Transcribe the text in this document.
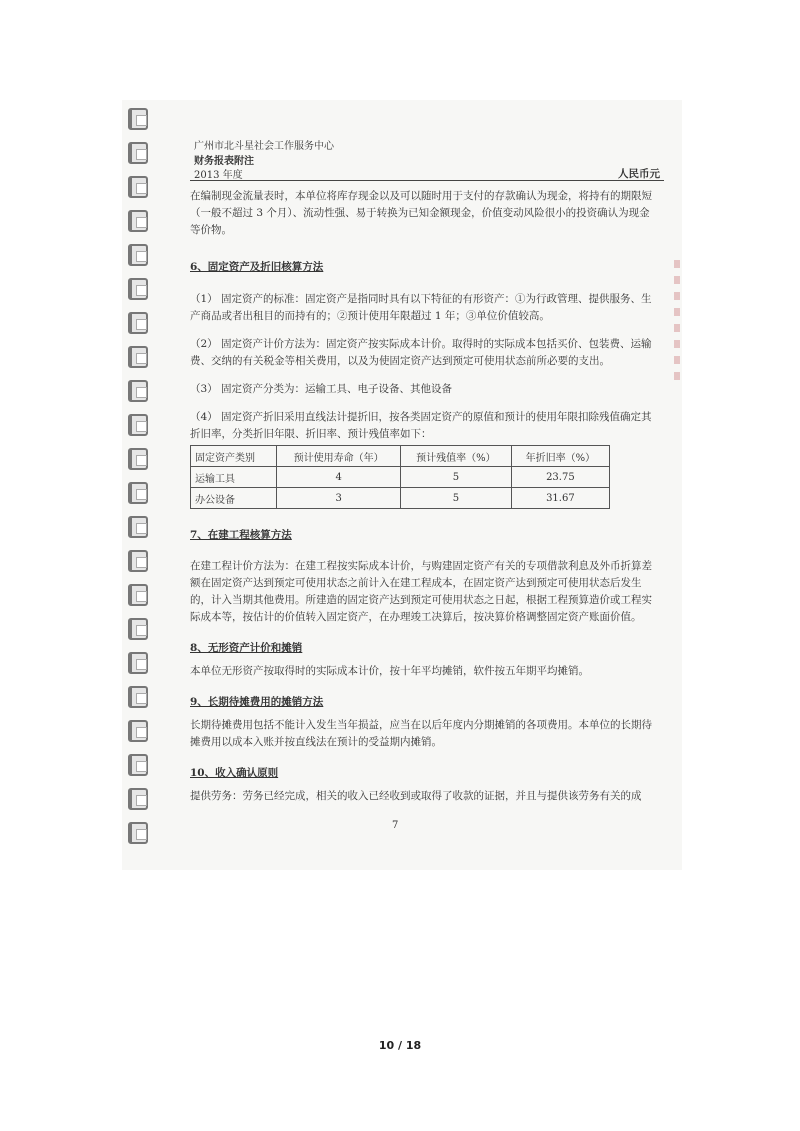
广州市北斗星社会工作服务中心
财务报表附注
2013 年度	人民币元

在编制现金流量表时，本单位将库存现金以及可以随时用于支付的存款确认为现金，将持有的期限短（一般不超过 3 个月）、流动性强、易于转换为已知金额现金，价值变动风险很小的投资确认为现金等价物。

6、固定资产及折旧核算方法

（1） 固定资产的标准：固定资产是指同时具有以下特征的有形资产：①为行政管理、提供服务、生产商品或者出租目的而持有的；②预计使用年限超过 1 年；③单位价值较高。

（2） 固定资产计价方法为：固定资产按实际成本计价。取得时的实际成本包括买价、包装费、运输费、交纳的有关税金等相关费用，以及为使固定资产达到预定可使用状态前所必要的支出。

（3） 固定资产分类为：运输工具、电子设备、其他设备

（4） 固定资产折旧采用直线法计提折旧，按各类固定资产的原值和预计的使用年限扣除残值确定其折旧率，分类折旧年限、折旧率、预计残值率如下：

固定资产类别	预计使用寿命（年）	预计残值率（%）	年折旧率（%）
运输工具	4	5	23.75
办公设备	3	5	31.67

7、在建工程核算方法

在建工程计价方法为：在建工程按实际成本计价，与购建固定资产有关的专项借款利息及外币折算差额在固定资产达到预定可使用状态之前计入在建工程成本，在固定资产达到预定可使用状态后发生的，计入当期其他费用。所建造的固定资产达到预定可使用状态之日起，根据工程预算造价或工程实际成本等，按估计的价值转入固定资产，在办理竣工决算后，按决算价格调整固定资产账面价值。

8、无形资产计价和摊销

本单位无形资产按取得时的实际成本计价，按十年平均摊销，软件按五年期平均摊销。

9、长期待摊费用的摊销方法

长期待摊费用包括不能计入发生当年损益，应当在以后年度内分期摊销的各项费用。本单位的长期待摊费用以成本入账并按直线法在预计的受益期内摊销。

10、收入确认原则

提供劳务：劳务已经完成，相关的收入已经收到或取得了收款的证据，并且与提供该劳务有关的成

7
10 / 18
